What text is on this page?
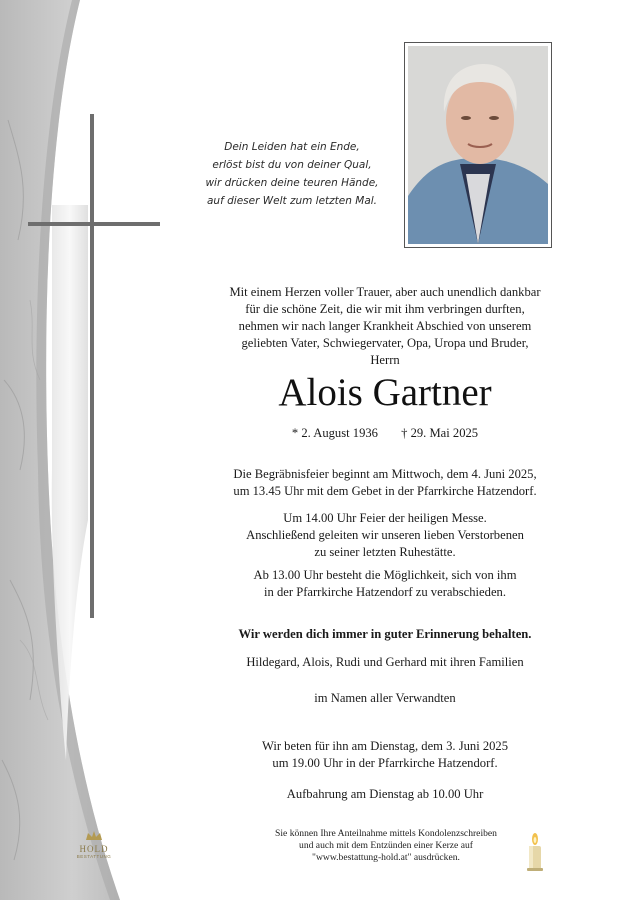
Dein Leiden hat ein Ende,
erlöst bist du von deiner Qual,
wir drücken deine teuren Hände,
auf dieser Welt zum letzten Mal.
Mit einem Herzen voller Trauer, aber auch unendlich dankbar
für die schöne Zeit, die wir mit ihm verbringen durften,
nehmen wir nach langer Krankheit Abschied von unserem
geliebten Vater, Schwiegervater, Opa, Uropa und Bruder,
Herrn
Alois Gartner
* 2. August 1936 † 29. Mai 2025
Die Begräbnisfeier beginnt am Mittwoch, dem 4. Juni 2025,
um 13.45 Uhr mit dem Gebet in der Pfarrkirche Hatzendorf.
Um 14.00 Uhr Feier der heiligen Messe.
Anschließend geleiten wir unseren lieben Verstorbenen
zu seiner letzten Ruhestätte.
Ab 13.00 Uhr besteht die Möglichkeit, sich von ihm
in der Pfarrkirche Hatzendorf zu verabschieden.
Wir werden dich immer in guter Erinnerung behalten.
Hildegard, Alois, Rudi und Gerhard mit ihren Familien
im Namen aller Verwandten
Wir beten für ihn am Dienstag, dem 3. Juni 2025
um 19.00 Uhr in der Pfarrkirche Hatzendorf.
Aufbahrung am Dienstag ab 10.00 Uhr
Sie können Ihre Anteilnahme mittels Kondolenzschreiben
und auch mit dem Entzünden einer Kerze auf
"www.bestattung-hold.at" ausdrücken.
HOLD
BESTATTUNG
